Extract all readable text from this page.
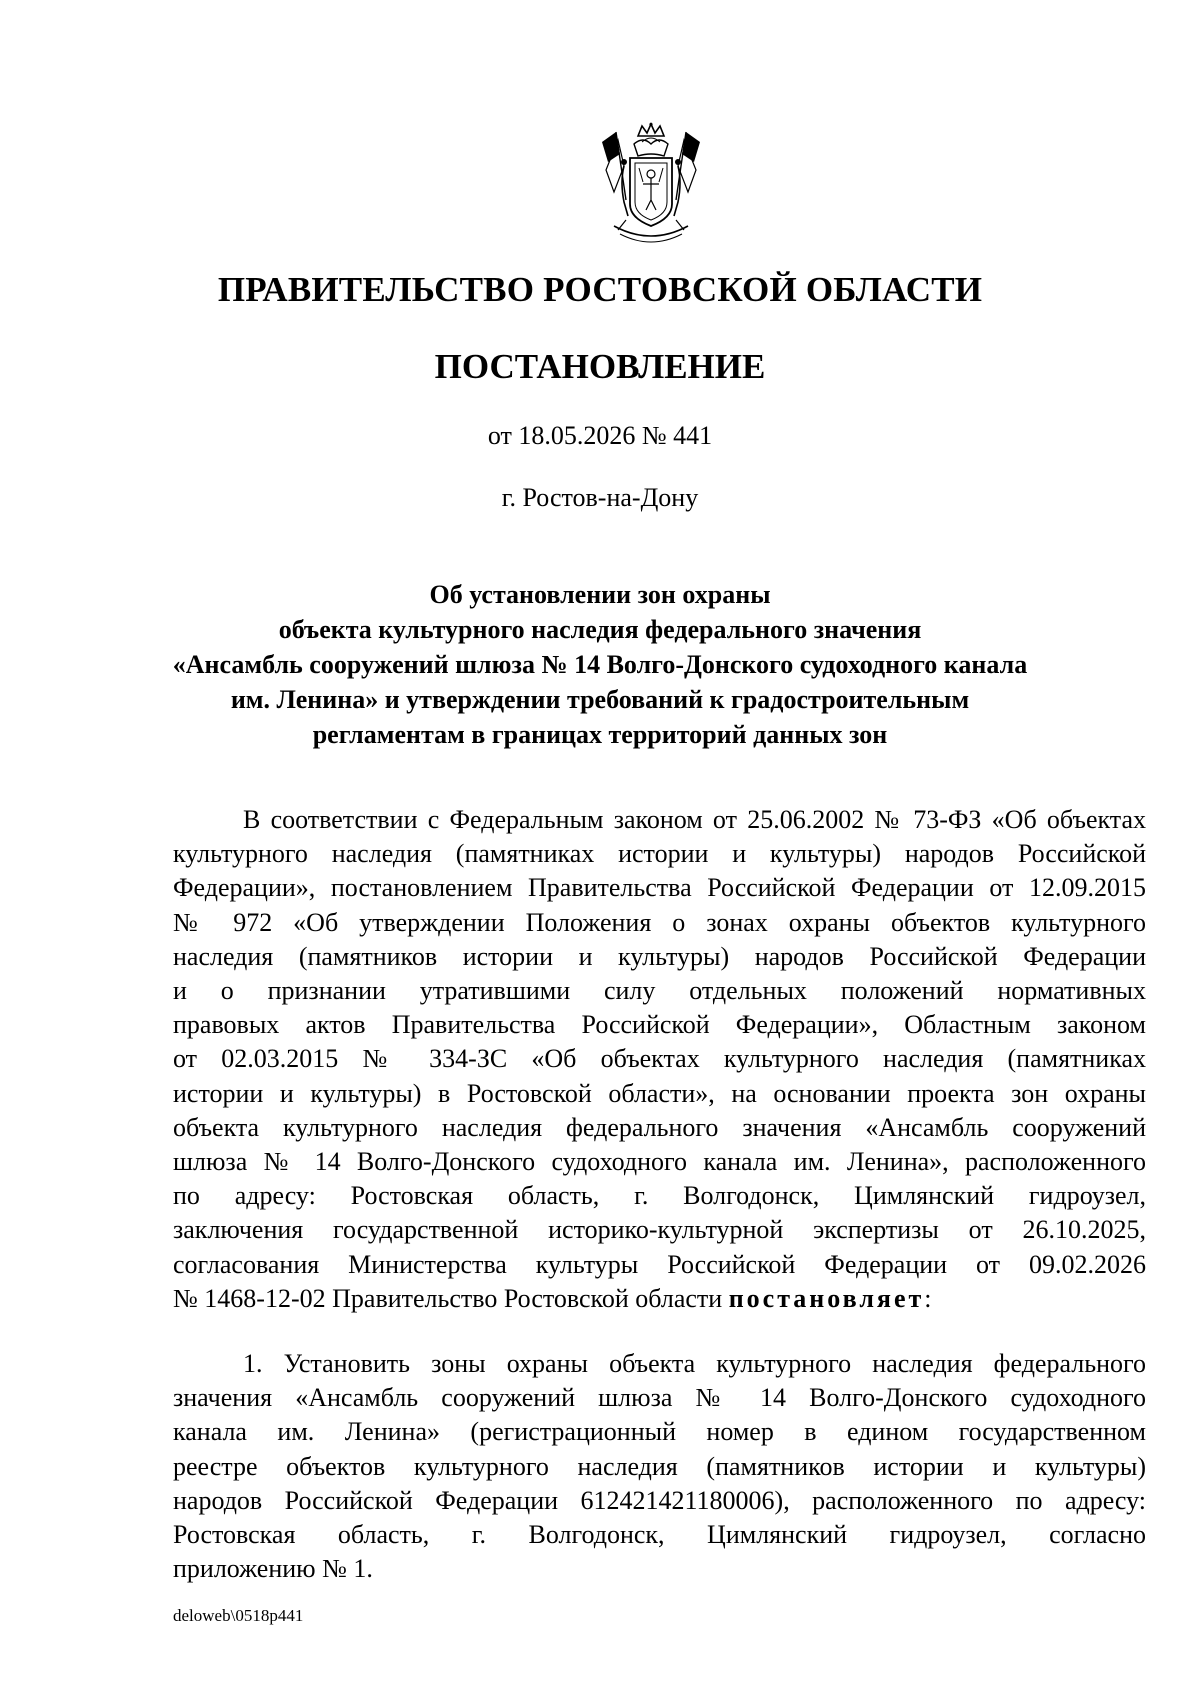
ПРАВИТЕЛЬСТВО РОСТОВСКОЙ ОБЛАСТИ
ПОСТАНОВЛЕНИЕ
от 18.05.2026 № 441
г. Ростов-на-Дону
Об установлении зон охраны
объекта культурного наследия федерального значения
«Ансамбль сооружений шлюза № 14 Волго-Донского судоходного канала
им. Ленина» и утверждении требований к градостроительным
регламентам в границах территорий данных зон
В соответствии с Федеральным законом от 25.06.2002 № 73-ФЗ «Об объектах
культурного наследия (памятниках истории и культуры) народов Российской
Федерации», постановлением Правительства Российской Федерации от 12.09.2015
№ 972 «Об утверждении Положения о зонах охраны объектов культурного
наследия (памятников истории и культуры) народов Российской Федерации
и о признании утратившими силу отдельных положений нормативных
правовых актов Правительства Российской Федерации», Областным законом
от 02.03.2015 № 334-ЗС «Об объектах культурного наследия (памятниках
истории и культуры) в Ростовской области», на основании проекта зон охраны
объекта культурного наследия федерального значения «Ансамбль сооружений
шлюза № 14 Волго-Донского судоходного канала им. Ленина», расположенного
по адресу: Ростовская область, г. Волгодонск, Цимлянский гидроузел,
заключения государственной историко-культурной экспертизы от 26.10.2025,
согласования Министерства культуры Российской Федерации от 09.02.2026
№ 1468-12-02 Правительство Ростовской области постановляет:
1. Установить зоны охраны объекта культурного наследия федерального
значения «Ансамбль сооружений шлюза № 14 Волго-Донского судоходного
канала им. Ленина» (регистрационный номер в едином государственном
реестре объектов культурного наследия (памятников истории и культуры)
народов Российской Федерации 612421421180006), расположенного по адресу:
Ростовская область, г. Волгодонск, Цимлянский гидроузел, согласно
приложению № 1.
deloweb\0518p441
